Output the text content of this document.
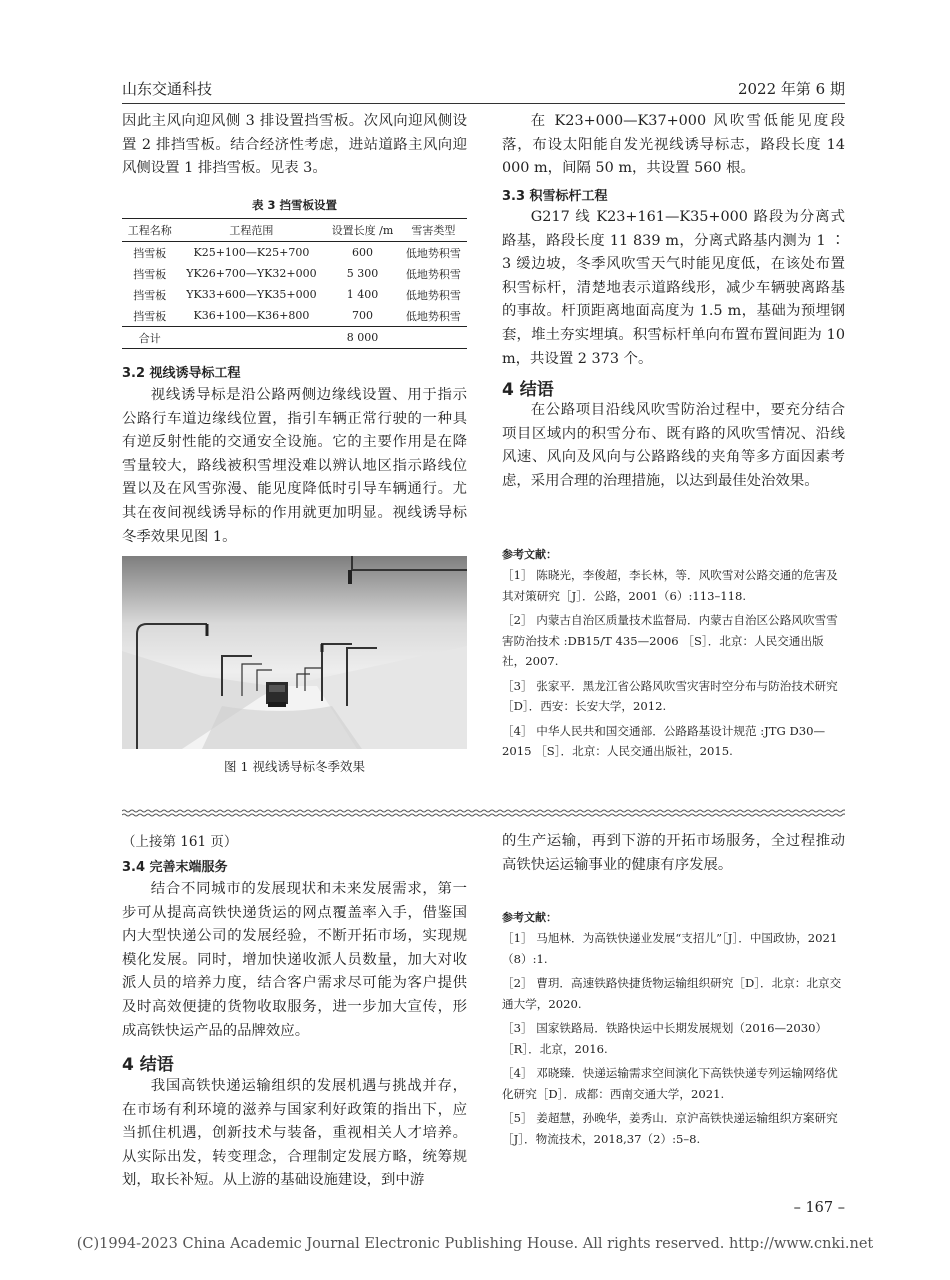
山东交通科技	2022 年第 6 期

因此主风向迎风侧 3 排设置挡雪板。次风向迎风侧设置 2 排挡雪板。结合经济性考虑，进站道路主风向迎风侧设置 1 排挡雪板。见表 3。

表 3 挡雪板设置
工程名称	工程范围	设置长度 /m	雪害类型
挡雪板	K25+100—K25+700	600	低地势积雪
挡雪板	YK26+700—YK32+000	5 300	低地势积雪
挡雪板	YK33+600—YK35+000	1 400	低地势积雪
挡雪板	K36+100—K36+800	700	低地势积雪
合计		8 000	
3.2 视线诱导标工程

视线诱导标是沿公路两侧边缘线设置、用于指示公路行车道边缘线位置，指引车辆正常行驶的一种具有逆反射性能的交通安全设施。它的主要作用是在降雪量较大，路线被积雪埋没难以辨认地区指示路线位置以及在风雪弥漫、能见度降低时引导车辆通行。尤其在夜间视线诱导标的作用就更加明显。视线诱导标冬季效果见图 1。

图 1 视线诱导标冬季效果

在 K23+000—K37+000 风吹雪低能见度段落，布设太阳能自发光视线诱导标志，路段长度 14 000 m，间隔 50 m，共设置 560 根。

3.3 积雪标杆工程

G217 线 K23+161—K35+000 路段为分离式路基，路段长度 11 839 m，分离式路基内测为 1 ∶ 3 缓边坡，冬季风吹雪天气时能见度低，在该处布置积雪标杆，清楚地表示道路线形，减少车辆驶离路基的事故。杆顶距离地面高度为 1.5 m，基础为预埋钢套，堆土夯实埋填。积雪标杆单向布置布置间距为 10 m，共设置 2 373 个。

4 结语

在公路项目沿线风吹雪防治过程中，要充分结合项目区域内的积雪分布、既有路的风吹雪情况、沿线风速、风向及风向与公路路线的夹角等多方面因素考虑，采用合理的治理措施，以达到最佳处治效果。

参考文献：

［1］ 陈晓光，李俊超，李长林，等．风吹雪对公路交通的危害及其对策研究［J］．公路，2001（6）:113–118.

［2］ 内蒙古自治区质量技术监督局．内蒙古自治区公路风吹雪雪害防治技术 :DB15/T 435—2006 ［S］．北京：人民交通出版社，2007.

［3］ 张家平．黑龙江省公路风吹雪灾害时空分布与防治技术研究［D］．西安：长安大学，2012.

［4］ 中华人民共和国交通部．公路路基设计规范 :JTG D30—2015 ［S］．北京：人民交通出版社，2015.

（上接第 161 页）
3.4 完善末端服务

结合不同城市的发展现状和未来发展需求，第一步可从提高高铁快递货运的网点覆盖率入手，借鉴国内大型快递公司的发展经验，不断开拓市场，实现规模化发展。同时，增加快递收派人员数量，加大对收派人员的培养力度，结合客户需求尽可能为客户提供及时高效便捷的货物收取服务，进一步加大宣传，形成高铁快运产品的品牌效应。

4 结语

我国高铁快递运输组织的发展机遇与挑战并存，在市场有利环境的滋养与国家利好政策的指出下，应当抓住机遇，创新技术与装备，重视相关人才培养。从实际出发，转变理念，合理制定发展方略，统筹规划，取长补短。从上游的基础设施建设，到中游

的生产运输，再到下游的开拓市场服务，全过程推动高铁快运运输事业的健康有序发展。

参考文献：

［1］ 马旭林．为高铁快递业发展“支招儿”［J］．中国政协，2021（8）:1.

［2］ 曹玥．高速铁路快捷货物运输组织研究［D］．北京：北京交通大学，2020.

［3］ 国家铁路局．铁路快运中长期发展规划（2016—2030）［R］．北京，2016.

［4］ 邓晓臻．快递运输需求空间演化下高铁快递专列运输网络优化研究［D］．成都：西南交通大学，2021.

［5］ 姜超慧，孙晚华，姜秀山．京沪高铁快递运输组织方案研究［J］．物流技术，2018,37（2）:5–8.

– 167 –
(C)1994-2023 China Academic Journal Electronic Publishing House. All rights reserved. http://www.cnki.net
